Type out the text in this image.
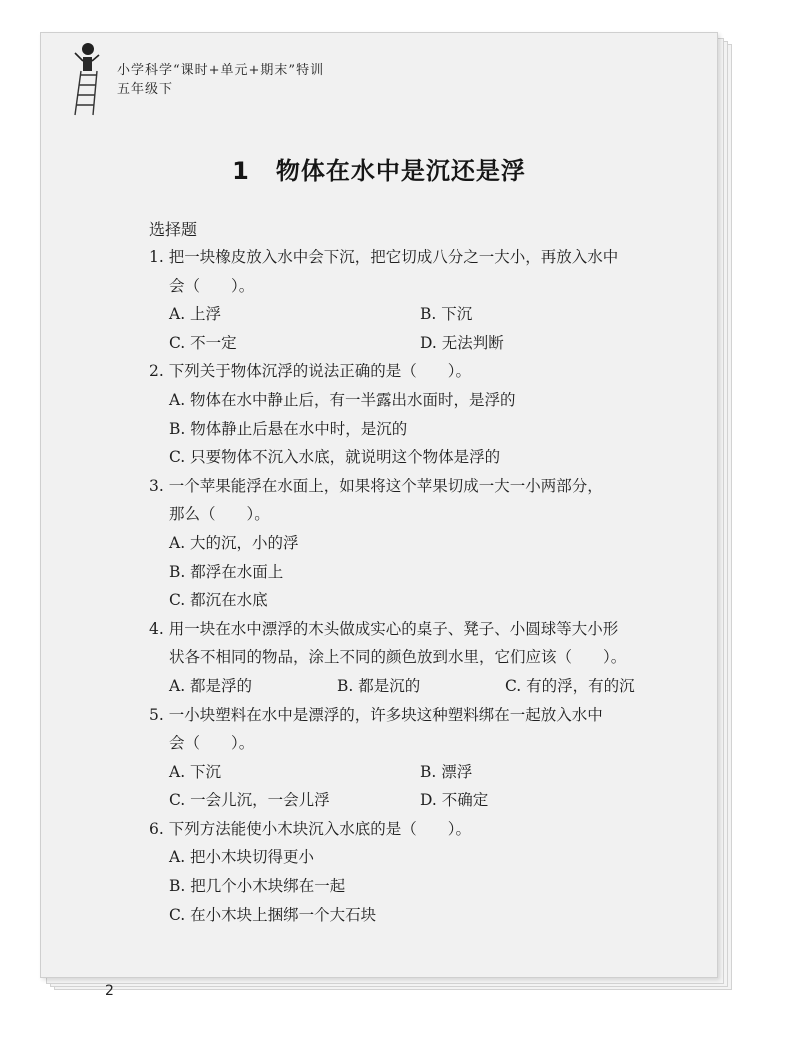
小学科学“课时+单元+期末”特训
五年级下
1 物体在水中是沉还是浮
选择题
1. 把一块橡皮放入水中会下沉，把它切成八分之一大小，再放入水中
会（　　）。
A. 上浮	B. 下沉
C. 不一定	D. 无法判断
2. 下列关于物体沉浮的说法正确的是（　　）。
A. 物体在水中静止后，有一半露出水面时，是浮的
B. 物体静止后悬在水中时，是沉的
C. 只要物体不沉入水底，就说明这个物体是浮的
3. 一个苹果能浮在水面上，如果将这个苹果切成一大一小两部分，
那么（　　）。
A. 大的沉，小的浮
B. 都浮在水面上
C. 都沉在水底
4. 用一块在水中漂浮的木头做成实心的桌子、凳子、小圆球等大小形
状各不相同的物品，涂上不同的颜色放到水里，它们应该（　　）。
A. 都是浮的	B. 都是沉的	C. 有的浮，有的沉
5. 一小块塑料在水中是漂浮的，许多块这种塑料绑在一起放入水中
会（　　）。
A. 下沉	B. 漂浮
C. 一会儿沉，一会儿浮	D. 不确定
6. 下列方法能使小木块沉入水底的是（　　）。
A. 把小木块切得更小
B. 把几个小木块绑在一起
C. 在小木块上捆绑一个大石块
2
